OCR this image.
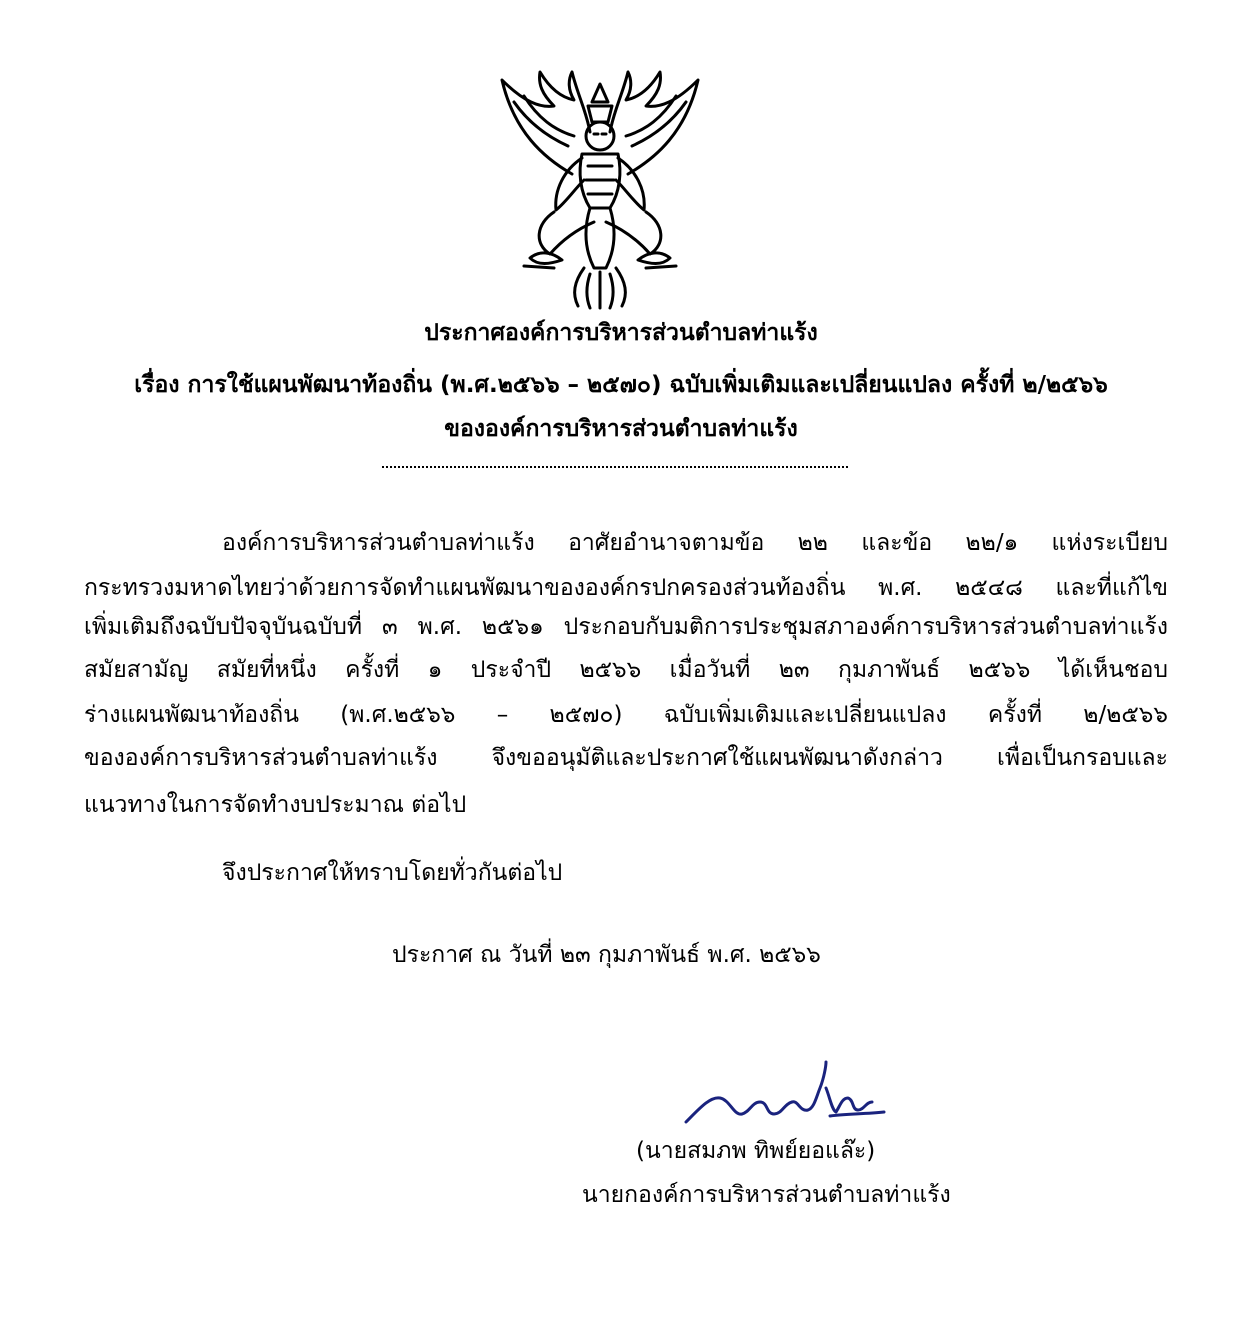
ประกาศองค์การบริหารส่วนตำบลท่าแร้ง
เรื่อง การใช้แผนพัฒนาท้องถิ่น (พ.ศ.๒๕๖๖ – ๒๕๗๐) ฉบับเพิ่มเติมและเปลี่ยนแปลง ครั้งที่ ๒/๒๕๖๖
ขององค์การบริหารส่วนตำบลท่าแร้ง
องค์การบริหารส่วนตำบลท่าแร้ง อาศัยอำนาจตามข้อ ๒๒ และข้อ ๒๒/๑ แห่งระเบียบ
กระทรวงมหาดไทยว่าด้วยการจัดทำแผนพัฒนาขององค์กรปกครองส่วนท้องถิ่น พ.ศ. ๒๕๔๘ และที่แก้ไข
เพิ่มเติมถึงฉบับปัจจุบันฉบับที่ ๓ พ.ศ. ๒๕๖๑ ประกอบกับมติการประชุมสภาองค์การบริหารส่วนตำบลท่าแร้ง
สมัยสามัญ สมัยที่หนึ่ง ครั้งที่ ๑ ประจำปี ๒๕๖๖ เมื่อวันที่ ๒๓ กุมภาพันธ์ ๒๕๖๖ ได้เห็นชอบ
ร่างแผนพัฒนาท้องถิ่น (พ.ศ.๒๕๖๖ – ๒๕๗๐) ฉบับเพิ่มเติมและเปลี่ยนแปลง ครั้งที่ ๒/๒๕๖๖
ขององค์การบริหารส่วนตำบลท่าแร้ง จึงขออนุมัติและประกาศใช้แผนพัฒนาดังกล่าว เพื่อเป็นกรอบและ
แนวทางในการจัดทำงบประมาณ ต่อไป
จึงประกาศให้ทราบโดยทั่วกันต่อไป
ประกาศ ณ วันที่ ๒๓ กุมภาพันธ์ พ.ศ. ๒๕๖๖
(นายสมภพ ทิพย์ยอแล๊ะ)
นายกองค์การบริหารส่วนตำบลท่าแร้ง
